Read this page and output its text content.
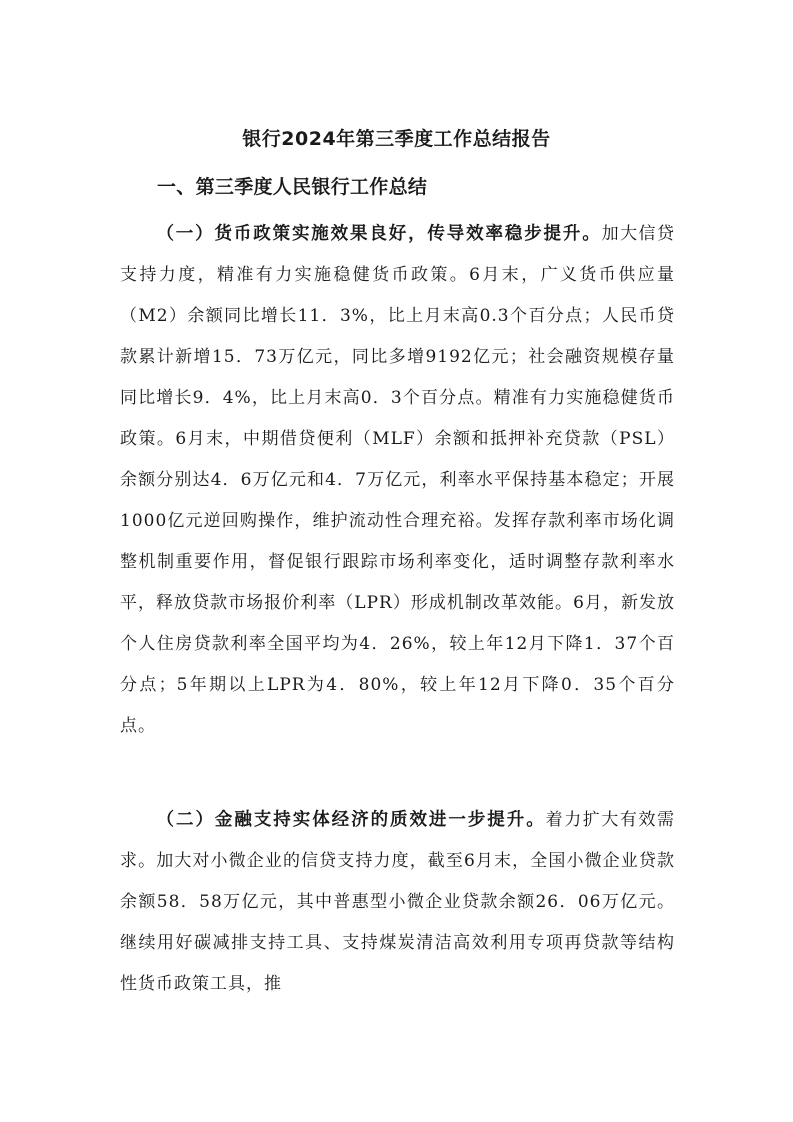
银行2024年第三季度工作总结报告
一、第三季度人民银行工作总结

（一）货币政策实施效果良好，传导效率稳步提升。加大信贷支持力度，精准有力实施稳健货币政策。6月末，广义货币供应量（M2）余额同比增长11．3%，比上月末高0.3个百分点；人民币贷款累计新增15．73万亿元，同比多增9192亿元；社会融资规模存量同比增长9．4%，比上月末高0．3个百分点。精准有力实施稳健货币政策。6月末，中期借贷便利（MLF）余额和抵押补充贷款（PSL）余额分别达4．6万亿元和4．7万亿元，利率水平保持基本稳定；开展1000亿元逆回购操作，维护流动性合理充裕。发挥存款利率市场化调整机制重要作用，督促银行跟踪市场利率变化，适时调整存款利率水平，释放贷款市场报价利率（LPR）形成机制改革效能。6月，新发放个人住房贷款利率全国平均为4．26%，较上年12月下降1．37个百分点；5年期以上LPR为4．80%，较上年12月下降0．35个百分点。

（二）金融支持实体经济的质效进一步提升。着力扩大有效需求。加大对小微企业的信贷支持力度，截至6月末，全国小微企业贷款余额58．58万亿元，其中普惠型小微企业贷款余额26．06万亿元。继续用好碳减排支持工具、支持煤炭清洁高效利用专项再贷款等结构性货币政策工具，推
